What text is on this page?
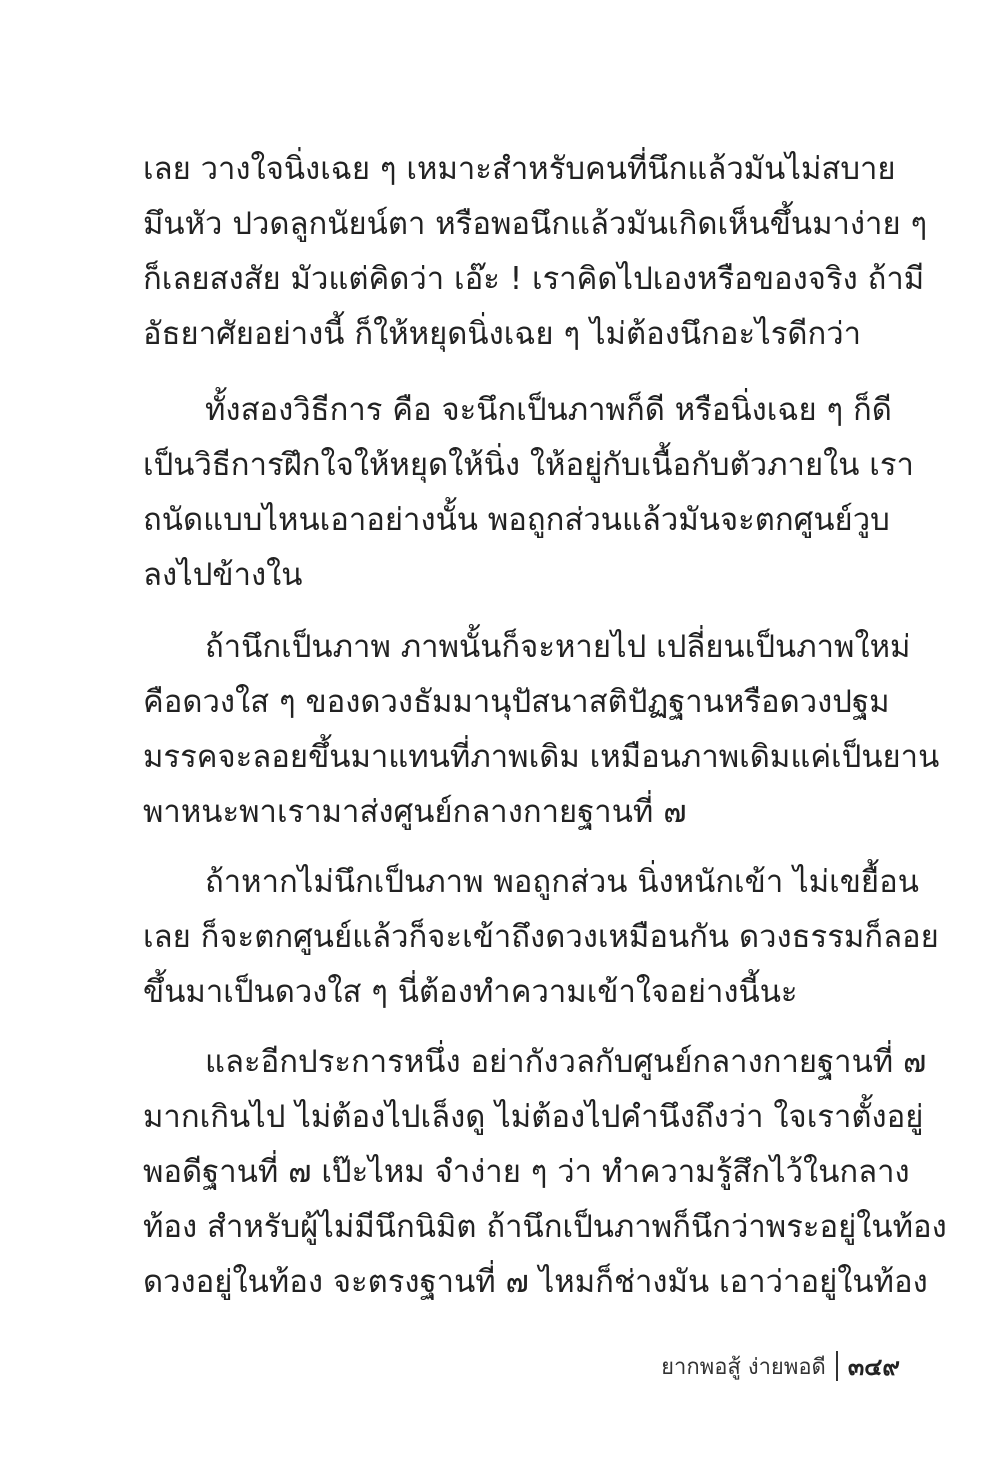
เลย วางใจนิ่งเฉย ๆ เหมาะสำหรับคนที่นึกแล้วมันไม่สบาย
มึนหัว ปวดลูกนัยน์ตา หรือพอนึกแล้วมันเกิดเห็นขึ้นมาง่าย ๆ
ก็เลยสงสัย มัวแต่คิดว่า เอ๊ะ ! เราคิดไปเองหรือของจริง ถ้ามี
อัธยาศัยอย่างนี้ ก็ให้หยุดนิ่งเฉย ๆ ไม่ต้องนึกอะไรดีกว่า
ทั้งสองวิธีการ คือ จะนึกเป็นภาพก็ดี หรือนิ่งเฉย ๆ ก็ดี
เป็นวิธีการฝึกใจให้หยุดให้นิ่ง ให้อยู่กับเนื้อกับตัวภายใน เรา
ถนัดแบบไหนเอาอย่างนั้น พอถูกส่วนแล้วมันจะตกศูนย์วูบ
ลงไปข้างใน
ถ้านึกเป็นภาพ ภาพนั้นก็จะหายไป เปลี่ยนเป็นภาพใหม่
คือดวงใส ๆ ของดวงธัมมานุปัสนาสติปัฏฐานหรือดวงปฐม
มรรคจะลอยขึ้นมาแทนที่ภาพเดิม เหมือนภาพเดิมแค่เป็นยาน
พาหนะพาเรามาส่งศูนย์กลางกายฐานที่ ๗
ถ้าหากไม่นึกเป็นภาพ พอถูกส่วน นิ่งหนักเข้า ไม่เขยื้อน
เลย ก็จะตกศูนย์แล้วก็จะเข้าถึงดวงเหมือนกัน ดวงธรรมก็ลอย
ขึ้นมาเป็นดวงใส ๆ นี่ต้องทำความเข้าใจอย่างนี้นะ
และอีกประการหนึ่ง อย่ากังวลกับศูนย์กลางกายฐานที่ ๗
มากเกินไป ไม่ต้องไปเล็งดู ไม่ต้องไปคำนึงถึงว่า ใจเราตั้งอยู่
พอดีฐานที่ ๗ เป๊ะไหม จำง่าย ๆ ว่า ทำความรู้สึกไว้ในกลาง
ท้อง สำหรับผู้ไม่มีนึกนิมิต ถ้านึกเป็นภาพก็นึกว่าพระอยู่ในท้อง
ดวงอยู่ในท้อง จะตรงฐานที่ ๗ ไหมก็ช่างมัน เอาว่าอยู่ในท้อง
ยากพอสู้ ง่ายพอดี ๓๔๙
